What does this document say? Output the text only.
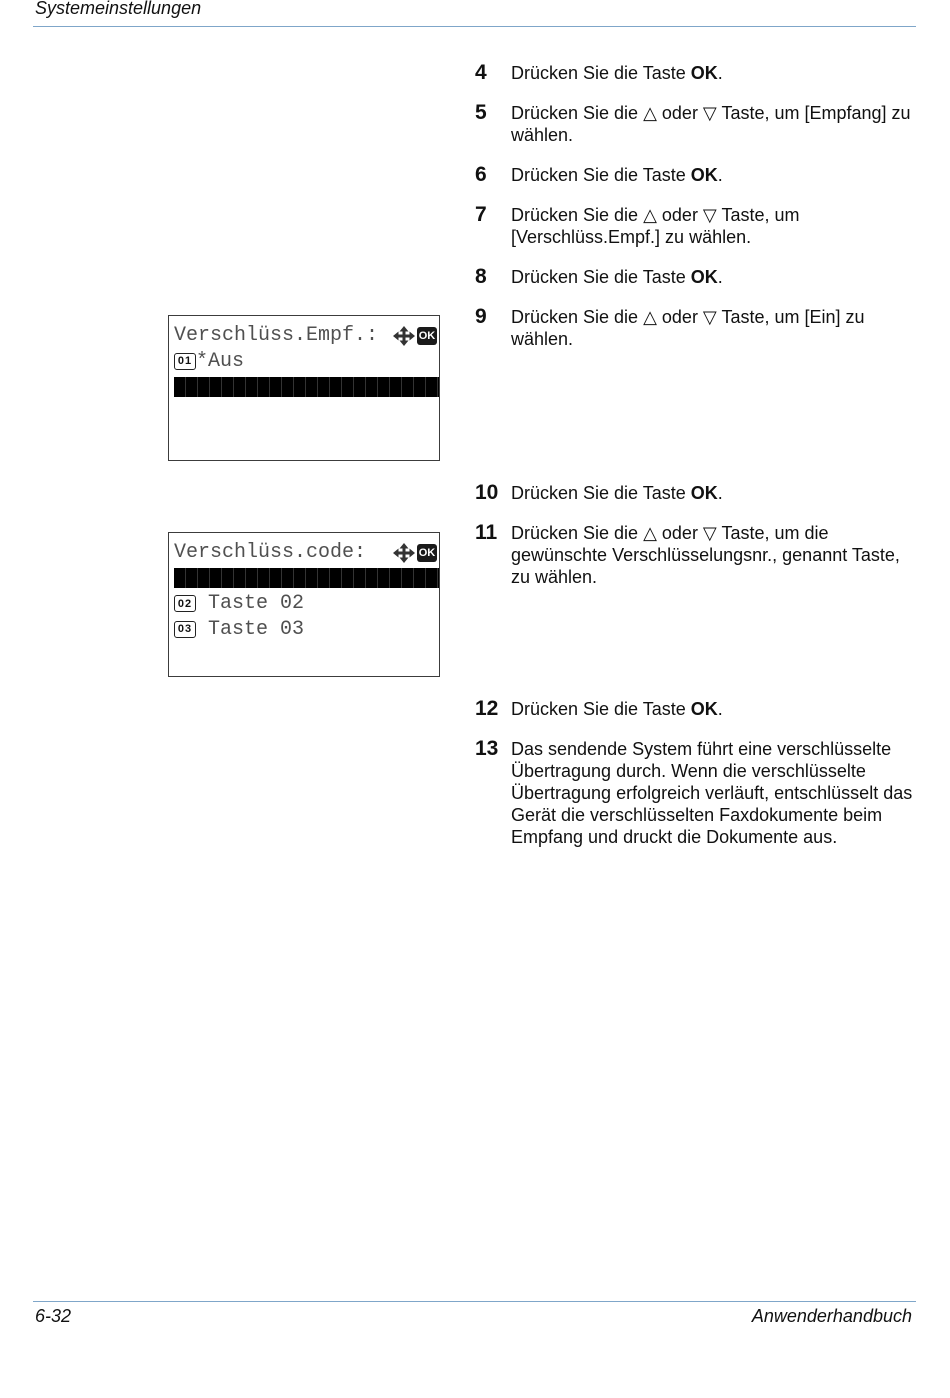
Systemeinstellungen
Verschlüss.Empf.:	OK
01 * Aus
Verschlüss.code:	OK
02 Taste 02
03 Taste 03
4	Drücken Sie die Taste OK.
5	Drücken Sie die △ oder ▽ Taste, um [Empfang] zu
wählen.
6	Drücken Sie die Taste OK.
7	Drücken Sie die △ oder ▽ Taste, um
[Verschlüss.Empf.] zu wählen.
8	Drücken Sie die Taste OK.
9	Drücken Sie die △ oder ▽ Taste, um [Ein] zu
wählen.
10 Drücken Sie die Taste OK.
11 Drücken Sie die △ oder ▽ Taste, um die
gewünschte Verschlüsselungsnr., genannt Taste,
zu wählen.
12 Drücken Sie die Taste OK.
13 Das sendende System führt eine verschlüsselte
Übertragung durch. Wenn die verschlüsselte
Übertragung erfolgreich verläuft, entschlüsselt das
Gerät die verschlüsselten Faxdokumente beim
Empfang und druckt die Dokumente aus.
6-32	Anwenderhandbuch
